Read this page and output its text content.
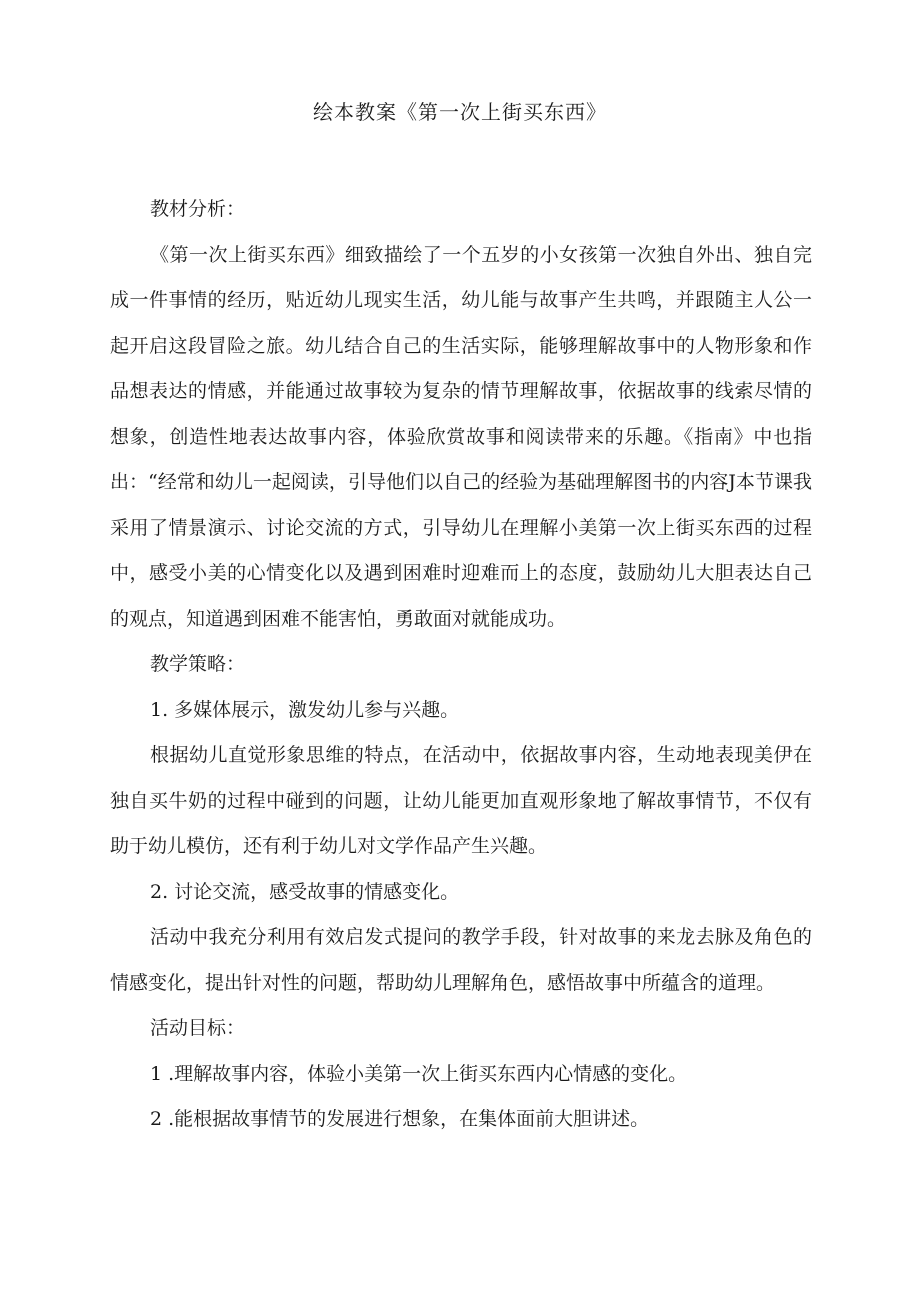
绘本教案《第一次上街买东西》

教材分析：

《第一次上街买东西》细致描绘了一个五岁的小女孩第一次独自外出、独自完成一件事情的经历，贴近幼儿现实生活，幼儿能与故事产生共鸣，并跟随主人公一起开启这段冒险之旅。幼儿结合自己的生活实际，能够理解故事中的人物形象和作品想表达的情感，并能通过故事较为复杂的情节理解故事，依据故事的线索尽情的想象，创造性地表达故事内容，体验欣赏故事和阅读带来的乐趣。《指南》中也指出：“经常和幼儿一起阅读，引导他们以自己的经验为基础理解图书的内容J本节课我采用了情景演示、讨论交流的方式，引导幼儿在理解小美第一次上街买东西的过程中，感受小美的心情变化以及遇到困难时迎难而上的态度，鼓励幼儿大胆表达自己的观点，知道遇到困难不能害怕，勇敢面对就能成功。

教学策略：

1. 多媒体展示，激发幼儿参与兴趣。

根据幼儿直觉形象思维的特点，在活动中，依据故事内容，生动地表现美伊在独自买牛奶的过程中碰到的问题，让幼儿能更加直观形象地了解故事情节，不仅有助于幼儿模仿，还有利于幼儿对文学作品产生兴趣。

2. 讨论交流，感受故事的情感变化。

活动中我充分利用有效启发式提问的教学手段，针对故事的来龙去脉及角色的情感变化，提出针对性的问题，帮助幼儿理解角色，感悟故事中所蕴含的道理。

活动目标：

1 .理解故事内容，体验小美第一次上街买东西内心情感的变化。

2 .能根据故事情节的发展进行想象，在集体面前大胆讲述。
